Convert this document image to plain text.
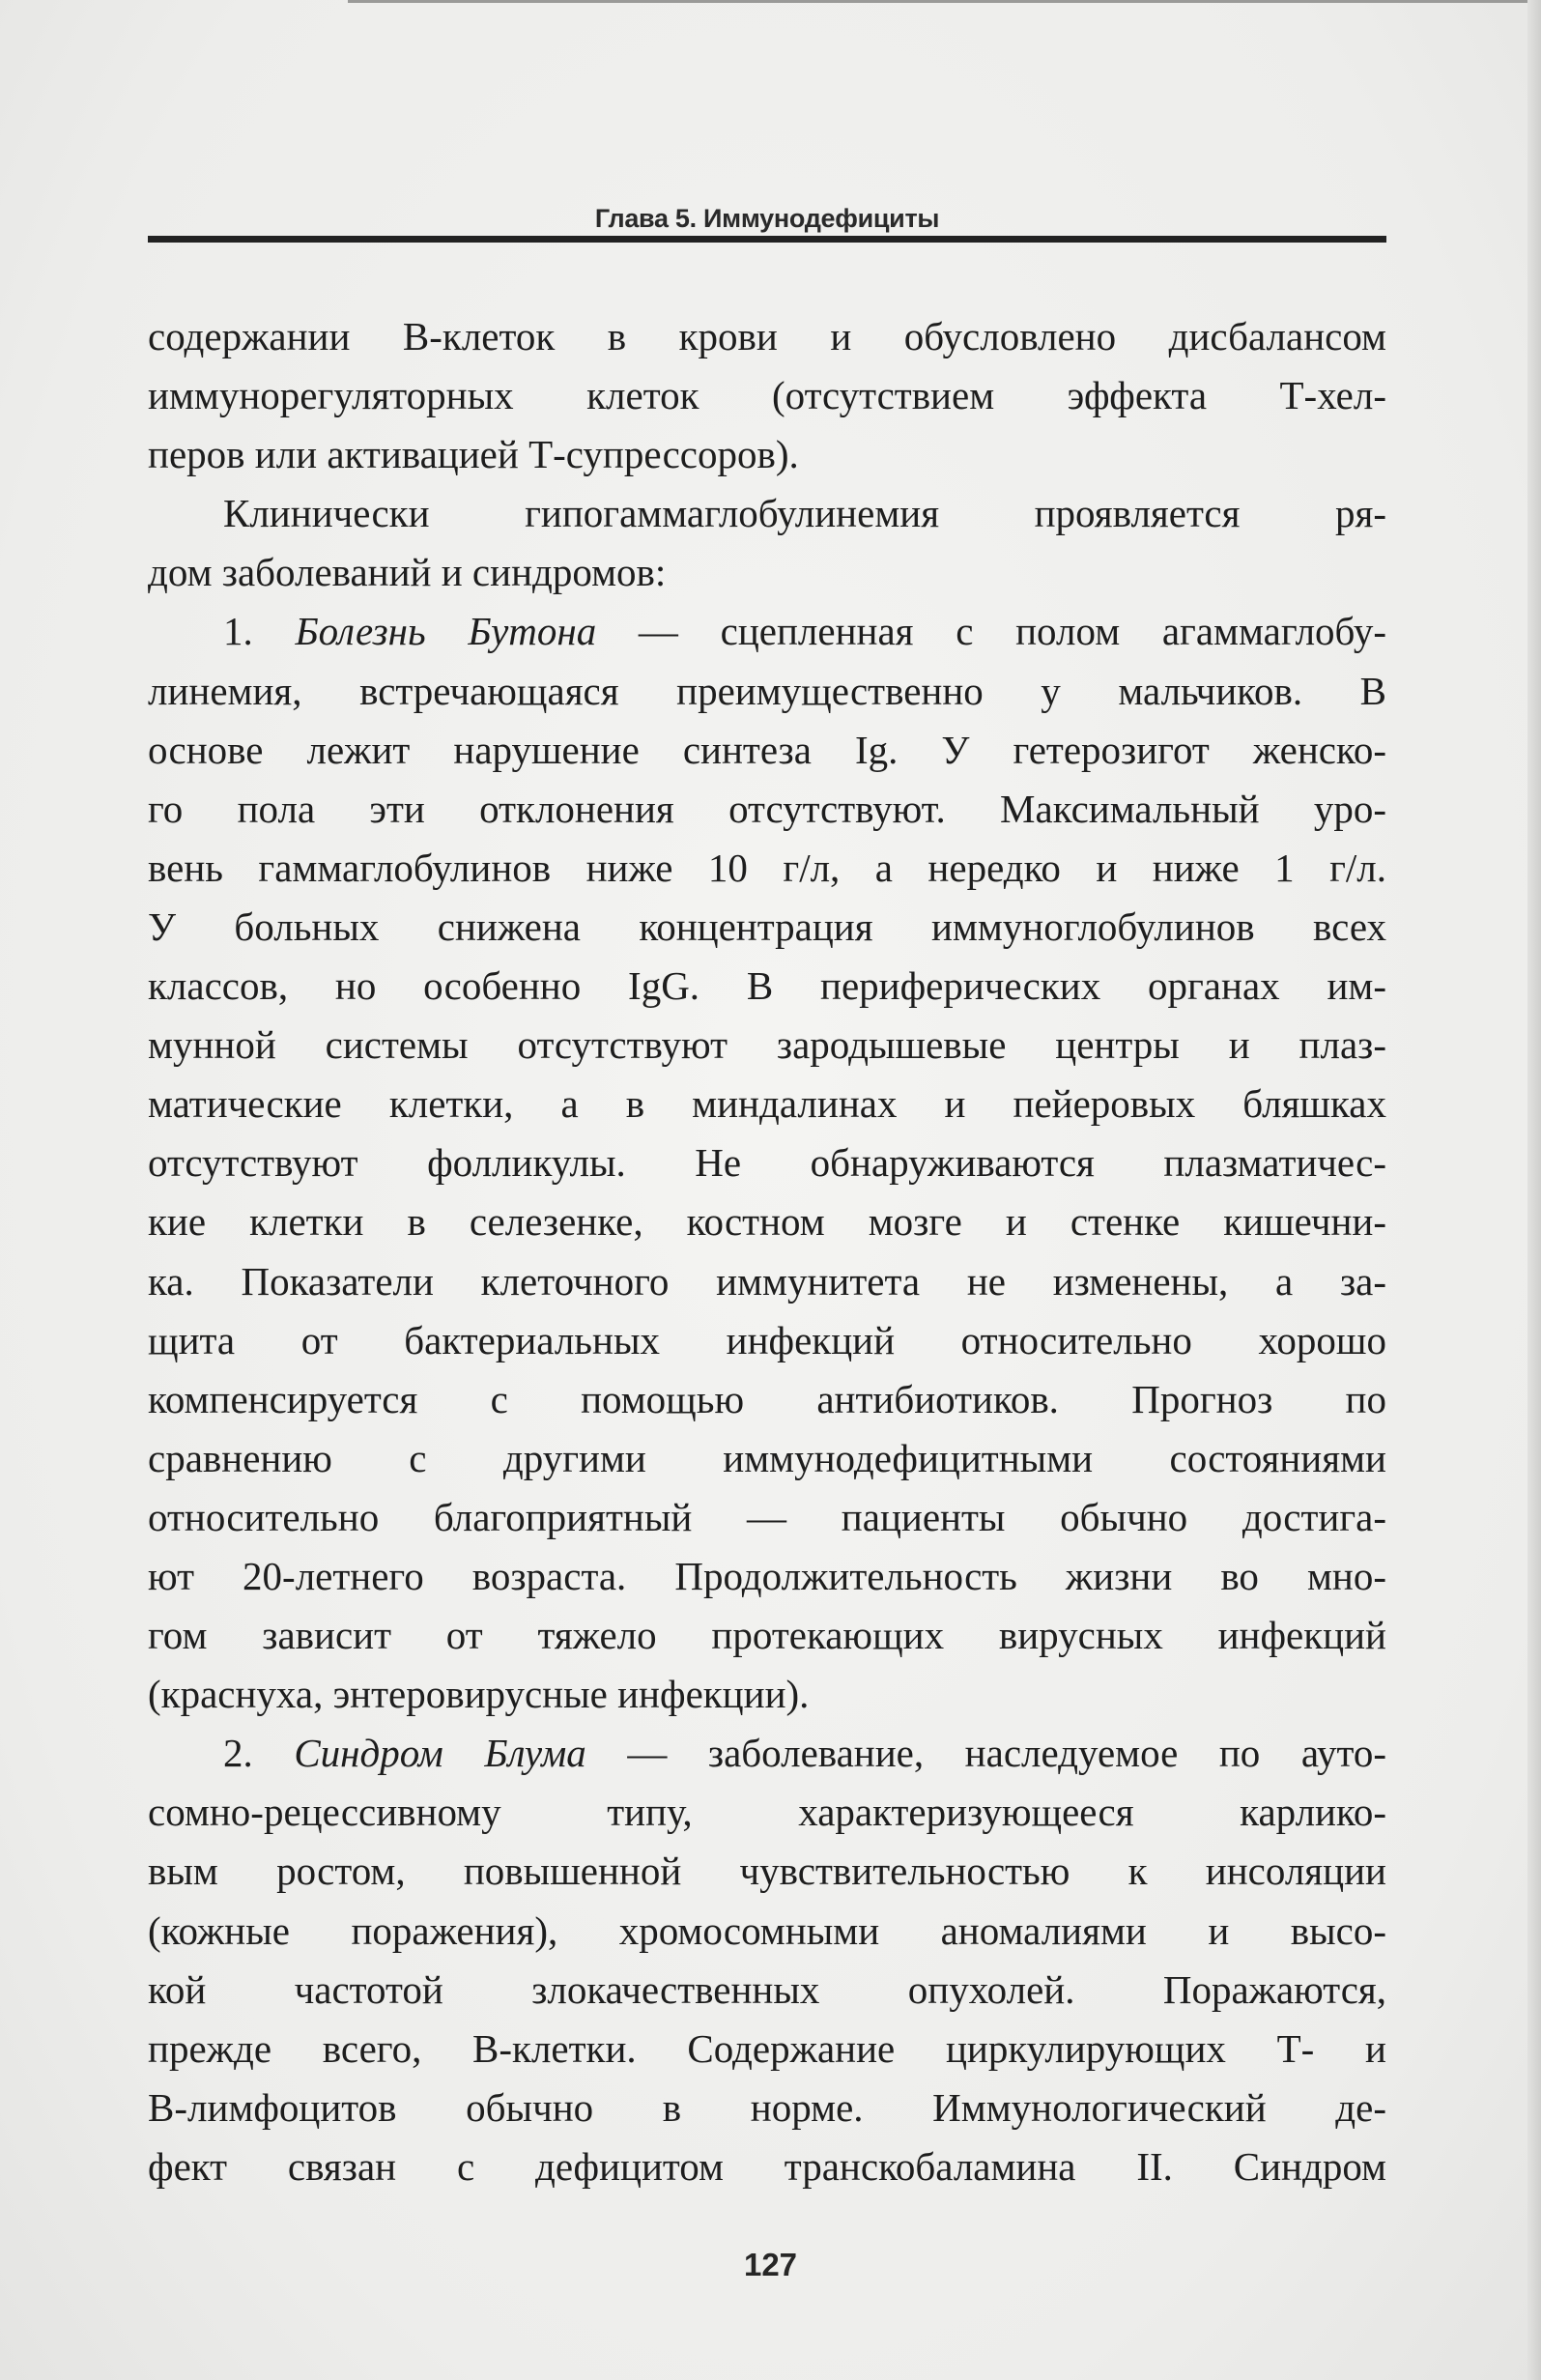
Глава 5. Иммунодефициты
содержании В-клеток в крови и обусловлено дисбалансом
иммунорегуляторных клеток (отсутствием эффекта Т-хел-
перов или активацией Т-супрессоров).
Клинически гипогаммаглобулинемия проявляется ря-
дом заболеваний и синдромов:
1. Болезнь Бутона — сцепленная с полом агаммаглобу-
линемия, встречающаяся преимущественно у мальчиков. В
основе лежит нарушение синтеза Ig. У гетерозигот женско-
го пола эти отклонения отсутствуют. Максимальный уро-
вень гаммаглобулинов ниже 10 г/л, а нередко и ниже 1 г/л.
У больных снижена концентрация иммуноглобулинов всех
классов, но особенно IgG. В периферических органах им-
мунной системы отсутствуют зародышевые центры и плаз-
матические клетки, а в миндалинах и пейеровых бляшках
отсутствуют фолликулы. Не обнаруживаются плазматичес-
кие клетки в селезенке, костном мозге и стенке кишечни-
ка. Показатели клеточного иммунитета не изменены, а за-
щита от бактериальных инфекций относительно хорошо
компенсируется с помощью антибиотиков. Прогноз по
сравнению с другими иммунодефицитными состояниями
относительно благоприятный — пациенты обычно достига-
ют 20-летнего возраста. Продолжительность жизни во мно-
гом зависит от тяжело протекающих вирусных инфекций
(краснуха, энтеровирусные инфекции).
2. Синдром Блума — заболевание, наследуемое по ауто-
сомно-рецессивному типу, характеризующееся карлико-
вым ростом, повышенной чувствительностью к инсоляции
(кожные поражения), хромосомными аномалиями и высо-
кой частотой злокачественных опухолей. Поражаются,
прежде всего, В-клетки. Содержание циркулирующих Т- и
В-лимфоцитов обычно в норме. Иммунологический де-
фект связан с дефицитом транскобаламина II. Синдром
127
